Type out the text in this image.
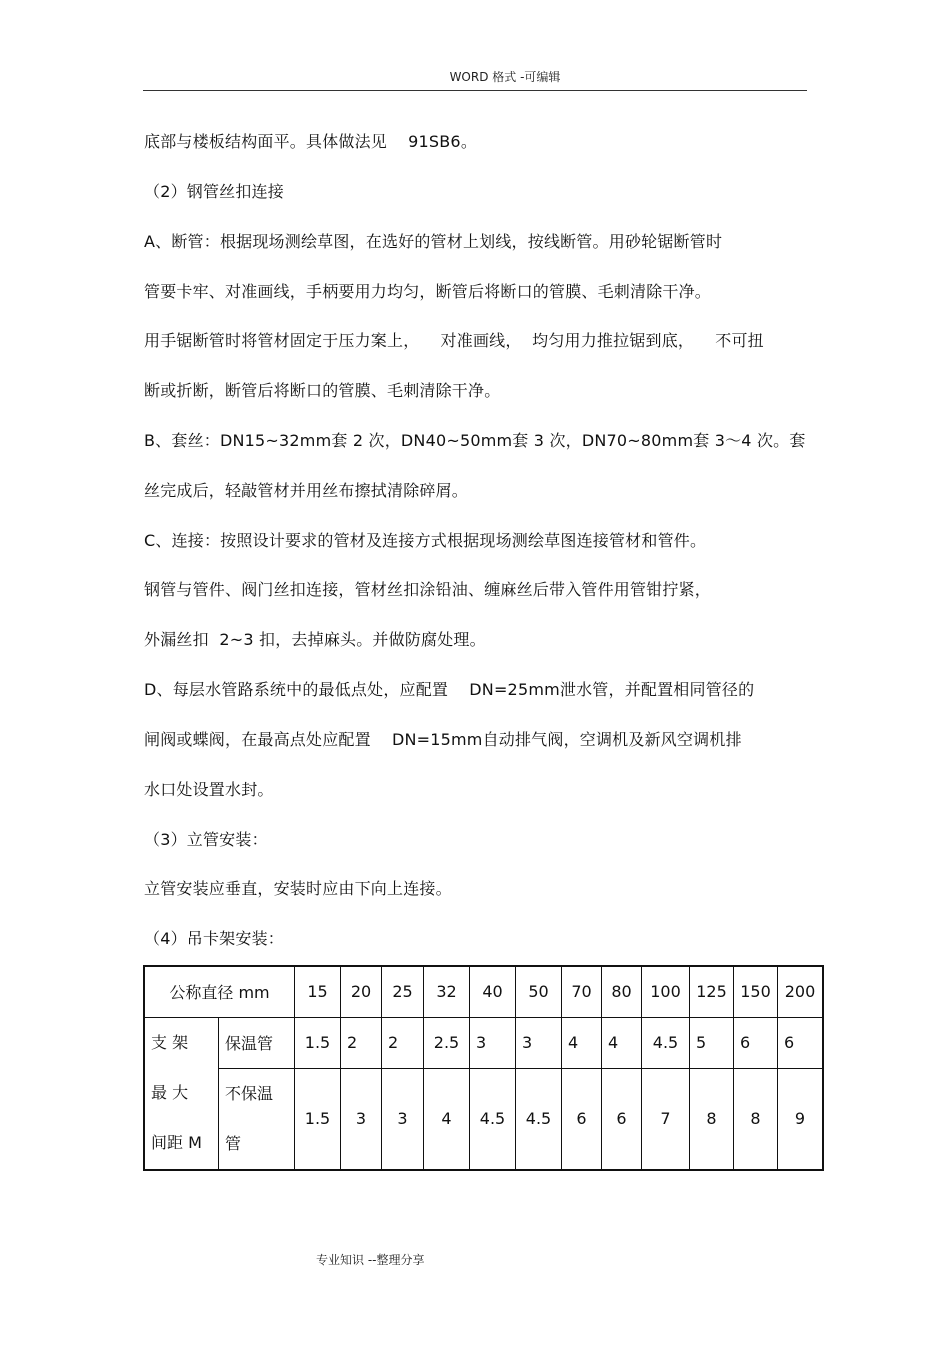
WORD 格式 -可编辑
底部与楼板结构面平。具体做法见    91SB6。
（2）钢管丝扣连接
A、断管：根据现场测绘草图，在选好的管材上划线，按线断管。用砂轮锯断管时
管要卡牢、对准画线，手柄要用力均匀，断管后将断口的管膜、毛刺清除干净。
用手锯断管时将管材固定于压力案上，    对准画线，  均匀用力推拉锯到底，    不可扭
断或折断，断管后将断口的管膜、毛刺清除干净。
B、套丝：DN15~32mm套 2 次，DN40~50mm套 3 次，DN70~80mm套 3～4 次。套
丝完成后，轻敲管材并用丝布擦拭清除碎屑。
C、连接：按照设计要求的管材及连接方式根据现场测绘草图连接管材和管件。
钢管与管件、阀门丝扣连接，管材丝扣涂铅油、缠麻丝后带入管件用管钳拧紧，
外漏丝扣  2~3 扣，去掉麻头。并做防腐处理。
D、每层水管路系统中的最低点处，应配置    DN=25mm泄水管，并配置相同管径的
闸阀或蝶阀，在最高点处应配置    DN=15mm自动排气阀，空调机及新风空调机排
水口处设置水封。
（3）立管安装：
立管安装应垂直，安装时应由下向上连接。
（4）吊卡架安装：
公称直径 mm		15	20	25	32	40	50	70	80	100	125	150	200

支 架
最 大
间距 M	保温管	1.5	2	2	2.5	3	3	4	4	4.5	5	6	6

	不保温
管	1.5	3	3	4	4.5	4.5	6	6	7	8	8	9
专业知识 --整理分享
